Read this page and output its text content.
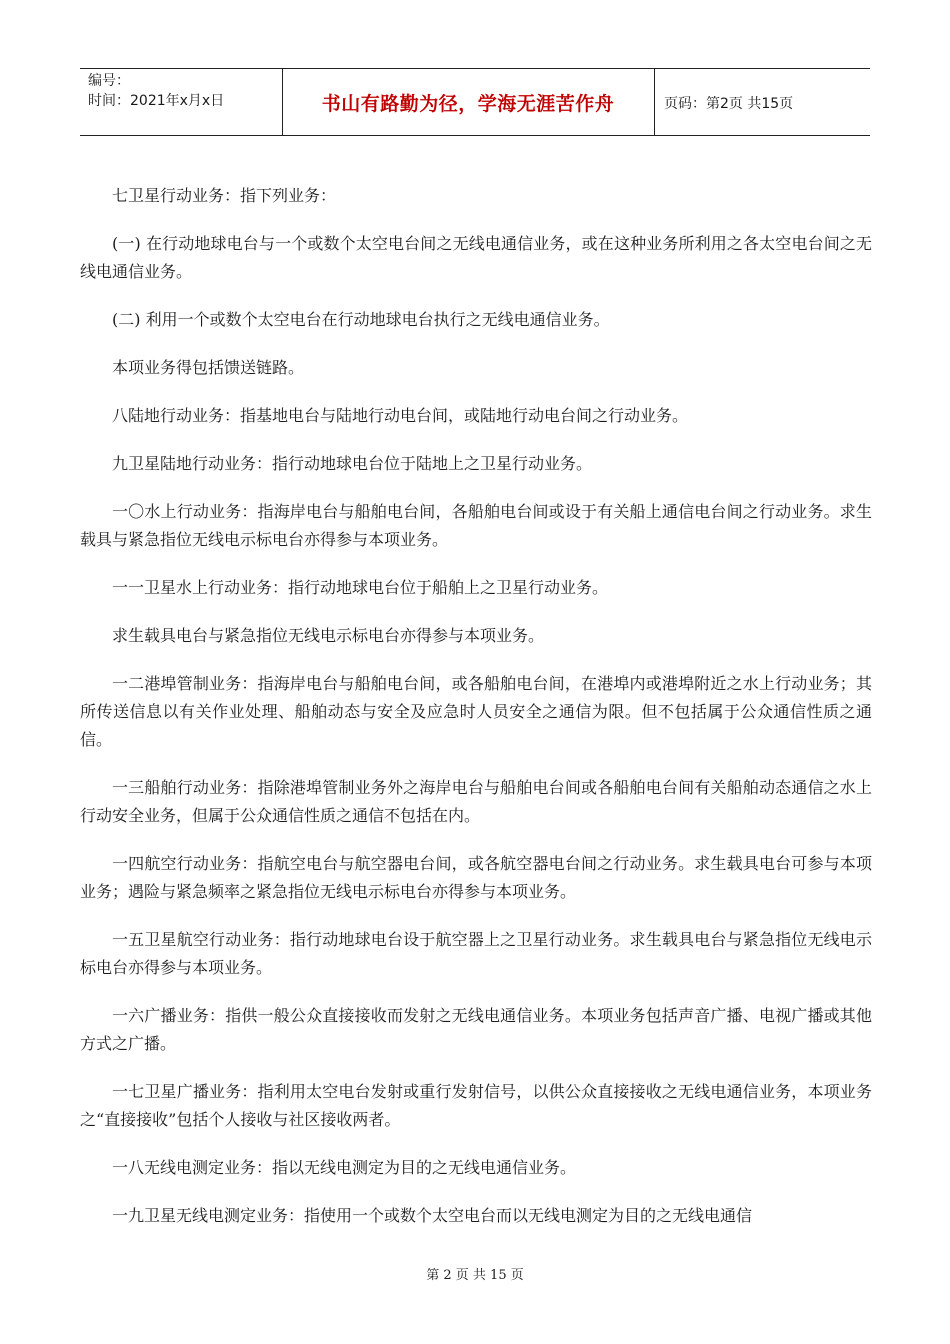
编号：
时间：2021年x月x日	书山有路勤为径，学海无涯苦作舟	页码：第2页 共15页

七卫星行动业务：指下列业务：

(一) 在行动地球电台与一个或数个太空电台间之无线电通信业务，或在这种业务所利用之各太空电台间之无线电通信业务。

(二) 利用一个或数个太空电台在行动地球电台执行之无线电通信业务。

本项业务得包括馈送链路。

八陆地行动业务：指基地电台与陆地行动电台间，或陆地行动电台间之行动业务。

九卫星陆地行动业务：指行动地球电台位于陆地上之卫星行动业务。

一〇水上行动业务：指海岸电台与船舶电台间，各船舶电台间或设于有关船上通信电台间之行动业务。求生载具与紧急指位无线电示标电台亦得参与本项业务。

一一卫星水上行动业务：指行动地球电台位于船舶上之卫星行动业务。

求生载具电台与紧急指位无线电示标电台亦得参与本项业务。

一二港埠管制业务：指海岸电台与船舶电台间，或各船舶电台间，在港埠内或港埠附近之水上行动业务；其所传送信息以有关作业处理、船舶动态与安全及应急时人员安全之通信为限。但不包括属于公众通信性质之通信。

一三船舶行动业务：指除港埠管制业务外之海岸电台与船舶电台间或各船舶电台间有关船舶动态通信之水上行动安全业务，但属于公众通信性质之通信不包括在内。

一四航空行动业务：指航空电台与航空器电台间，或各航空器电台间之行动业务。求生载具电台可参与本项业务；遇险与紧急频率之紧急指位无线电示标电台亦得参与本项业务。

一五卫星航空行动业务：指行动地球电台设于航空器上之卫星行动业务。求生载具电台与紧急指位无线电示标电台亦得参与本项业务。

一六广播业务：指供一般公众直接接收而发射之无线电通信业务。本项业务包括声音广播、电视广播或其他方式之广播。

一七卫星广播业务：指利用太空电台发射或重行发射信号，以供公众直接接收之无线电通信业务，本项业务之“直接接收”包括个人接收与社区接收两者。

一八无线电测定业务：指以无线电测定为目的之无线电通信业务。

一九卫星无线电测定业务：指使用一个或数个太空电台而以无线电测定为目的之无线电通信

第 2 页 共 15 页
